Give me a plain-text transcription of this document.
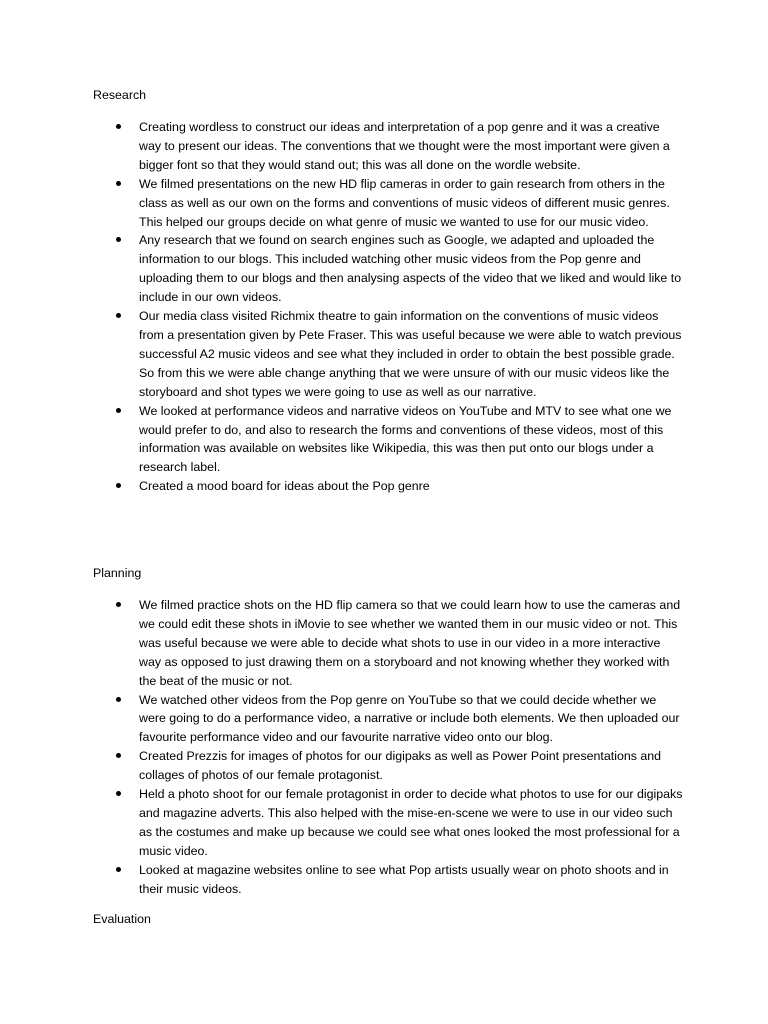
Research

Creating wordless to construct our ideas and interpretation of a pop genre and it was a creative way to present our ideas. The conventions that we thought were the most important were given a bigger font so that they would stand out; this was all done on the wordle website.
We filmed presentations on the new HD flip cameras in order to gain research from others in the class as well as our own on the forms and conventions of music videos of different music genres. This helped our groups decide on what genre of music we wanted to use for our music video.
Any research that we found on search engines such as Google, we adapted and uploaded the information to our blogs. This included watching other music videos from the Pop genre and uploading them to our blogs and then analysing aspects of the video that we liked and would like to include in our own videos.
Our media class visited Richmix theatre to gain information on the conventions of music videos from a presentation given by Pete Fraser. This was useful because we were able to watch previous successful A2 music videos and see what they included in order to obtain the best possible grade. So from this we were able change anything that we were unsure of with our music videos like the storyboard and shot types we were going to use as well as our narrative.
We looked at performance videos and narrative videos on YouTube and MTV to see what one we would prefer to do, and also to research the forms and conventions of these videos, most of this information was available on websites like Wikipedia, this was then put onto our blogs under a research label.
Created a mood board for ideas about the Pop genre

Planning

We filmed practice shots on the HD flip camera so that we could learn how to use the cameras and we could edit these shots in iMovie to see whether we wanted them in our music video or not. This was useful because we were able to decide what shots to use in our video in a more interactive way as opposed to just drawing them on a storyboard and not knowing whether they worked with the beat of the music or not.
We watched other videos from the Pop genre on YouTube so that we could decide whether we were going to do a performance video, a narrative or include both elements. We then uploaded our favourite performance video and our favourite narrative video onto our blog.
Created Prezzis for images of photos for our digipaks as well as Power Point presentations and collages of photos of our female protagonist.
Held a photo shoot for our female protagonist in order to decide what photos to use for our digipaks and magazine adverts. This also helped with the mise-en-scene we were to use in our video such as the costumes and make up because we could see what ones looked the most professional for a music video.
Looked at magazine websites online to see what Pop artists usually wear on photo shoots and in their music videos.

Evaluation
